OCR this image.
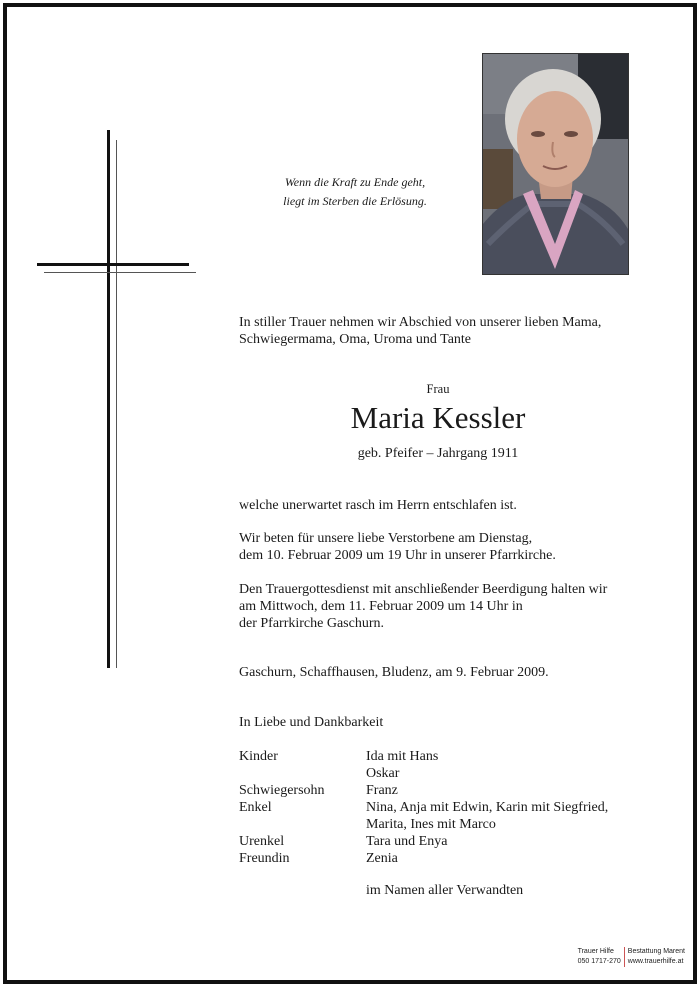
Wenn die Kraft zu Ende geht,
liegt im Sterben die Erlösung.
In stiller Trauer nehmen wir Abschied von unserer lieben Mama,
Schwiegermama, Oma, Uroma und Tante
Frau
Maria Kessler
geb. Pfeifer – Jahrgang 1911
welche unerwartet rasch im Herrn entschlafen ist.
Wir beten für unsere liebe Verstorbene am Dienstag,
dem 10. Februar 2009 um 19 Uhr in unserer Pfarrkirche.
Den Trauergottesdienst mit anschließender Beerdigung halten wir
am Mittwoch, dem 11. Februar 2009 um 14 Uhr in
der Pfarrkirche Gaschurn.
Gaschurn, Schaffhausen, Bludenz, am 9. Februar 2009.
In Liebe und Dankbarkeit
Kinder	Ida mit Hans
Oskar
Schwiegersohn	Franz
Enkel	Nina, Anja mit Edwin, Karin mit Siegfried,
Marita, Ines mit Marco
Urenkel	Tara und Enya
Freundin	Zenia
im Namen aller Verwandten
Trauer Hilfe
050 1717-270
Bestattung Marent
www.trauerhilfe.at
